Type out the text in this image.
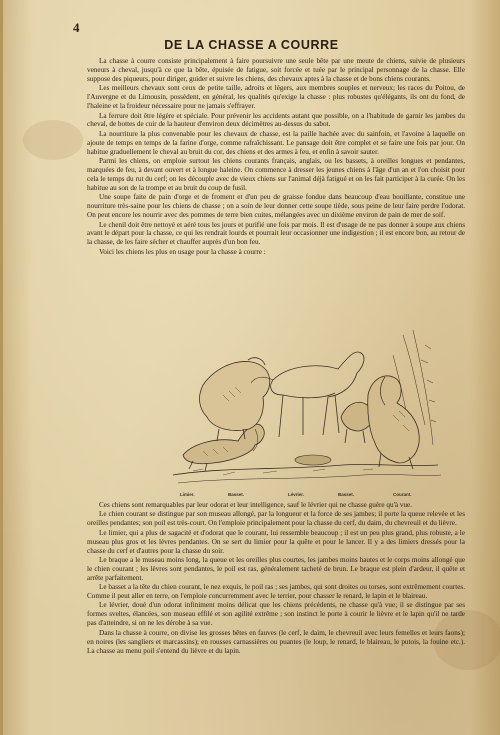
4
DE LA CHASSE A COURRE

La chasse à courre consiste principalement à faire poursuivre une seule bête par une meute de chiens, suivie de plusieurs veneurs à cheval, jusqu'à ce que la bête, épuisée de fatigue, soit forcée et tuée par le principal personnage de la chasse. Elle suppose des piqueurs, pour diriger, guider et suivre les chiens, des chevaux aptes à la chasse et de bons chiens courants.

Les meilleurs chevaux sont ceux de petite taille, adroits et légers, aux membres souples et nerveux; les races du Poitou, de l'Auvergne et du Limousin, possèdent, en général, les qualités qu'exige la chasse : plus robustes qu'élégants, ils ont du fond, de l'haleine et la froideur nécessaire pour ne jamais s'effrayer.

La ferrure doit être légère et spéciale. Pour prévenir les accidents autant que possible, on a l'habitude de garnir les jambes du cheval, de bottes de cuir de la hauteur d'environ deux décimètres au-dessus du sabot.

La nourriture la plus convenable pour les chevaux de chasse, est la paille hachée avec du sainfoin, et l'avoine à laquelle on ajoute de temps en temps de la farine d'orge, comme rafraîchissant. Le pansage doit être complet et se faire une fois par jour. On habitue graduellement le cheval au bruit du cor, des chiens et des armes à feu, et enfin à savoir sauter.

Parmi les chiens, on emploie surtout les chiens courants français, anglais, ou les bassets, à oreilles longues et pendantes, marquées de feu, à devant ouvert et à longue haleine. On commence à dresser les jeunes chiens à l'âge d'un an et l'on choisit pour cela le temps du rut du cerf; on les découple avec de vieux chiens sur l'animal déjà fatigué et on les fait participer à la curée. On les habitue au son de la trompe et au bruit du coup de fusil.

Une soupe faite de pain d'orge et de froment et d'un peu de graisse fondue dans beaucoup d'eau bouillante, constitue une nourriture très-saine pour les chiens de chasse ; on a soin de leur donner cette soupe tiède, sous peine de leur faire perdre l'odorat. On peut encore les nourrir avec des pommes de terre bien cuites, mélangées avec un dixième environ de pain de mer de soif.

Le chenil doit être nettoyé et aéré tous les jours et purifié une fois par mois. Il est d'usage de ne pas donner à soupe aux chiens avant le départ pour la chasse, ce qui les rendrait lourds et pourrait leur occasionner une indigestion ; il est encore bon, au retour de la chasse, de les faire sécher et chauffer auprès d'un bon feu.

Voici les chiens les plus en usage pour la chasse à courre :

Limier.	Basset.	Lévrier.	Basset.	Courant.

Ces chiens sont remarquables par leur odorat et leur intelligence, sauf le lévrier qui ne chasse guère qu'à vue.

Le chien courant se distingue par son museau allongé, par la longueur et la force de ses jambes; il porte la queue relevée et les oreilles pendantes; son poil est très-court. On l'emploie principalement pour la chasse du cerf, du daim, du chevreuil et du lièvre.

Le limier, qui a plus de sagacité et d'odorat que le courant, lui ressemble beaucoup ; il est un peu plus grand, plus robuste, a le museau plus gros et les lèvres pendantes. On se sert du limier pour la quête et pour le lancer. Il y a des limiers dressés pour la chasse du cerf et d'autres pour la chasse du soir.

Le braque a le museau moins long, la queue et les oreilles plus courtes, les jambes moins hautes et le corps moins allongé que le chien courant ; les lèvres sont pendantes, le poil est ras, généralement tacheté de brun. Le braque est plein d'ardeur, il quête et arrête parfaitement.

Le basset a la tête du chien courant, le nez exquis, le poil ras ; ses jambes, qui sont droites ou torses, sont extrêmement courtes. Comme il peut aller en terre, on l'emploie concurremment avec le terrier, pour chasser le renard, le lapin et le blaireau.

Le lévrier, doué d'un odorat infiniment moins délicat que les chiens précédents, ne chasse qu'à vue; il se distingue par ses formes sveltes, élancées, son museau effilé et son agilité extrême ; son instinct le porte à courir le lièvre et le lapin qu'il ne tarde pas d'atteindre, si on ne les dérobe à sa vue.

Dans la chasse à courre, on divise les grosses bêtes en fauves (le cerf, le daim, le chevreuil avec leurs femelles et leurs faons); en noires (les sangliers et marcassins); en rousses carnassières ou puantes (le loup, le renard, le blaireau, le putois, la fouine etc.). La chasse au menu poil s'entend du lièvre et du lapin.
